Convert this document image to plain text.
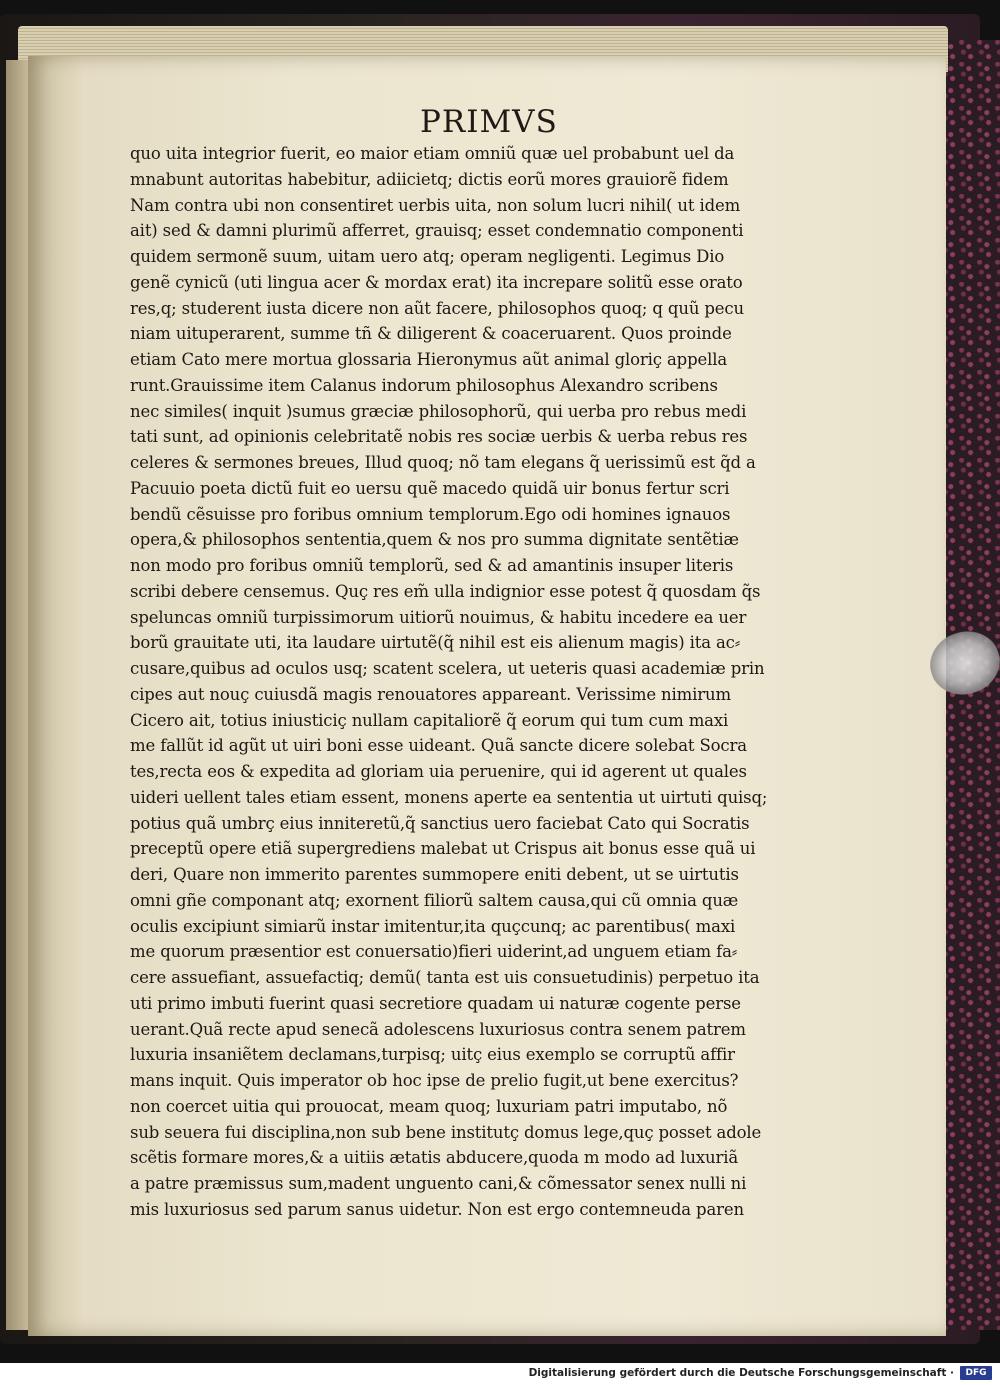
PRIMVS

quo uita integrior fuerit, eo maior etiam omniũ quæ uel probabunt uel da

mnabunt autoritas habebitur, adiicietq; dictis eorũ mores grauiorẽ fidem

Nam contra ubi non consentiret uerbis uita, non solum lucri nihil( ut idem

ait) sed & damni plurimũ afferret, grauisq; esset condemnatio componenti

quidem sermonẽ suum, uitam uero atq; operam negligenti. Legimus Dio

genẽ cynicũ (uti lingua acer & mordax erat) ita increpare solitũ esse orato

res,q; studerent iusta dicere non aũt facere, philosophos quoq; q quũ pecu

niam uituperarent, summe tñ & diligerent & coaceruarent. Quos proinde

etiam Cato mere mortua glossaria Hieronymus aũt animal gloriç appella

runt.Grauissime item Calanus indorum philosophus Alexandro scribens

nec similes( inquit )sumus græciæ philosophorũ, qui uerba pro rebus medi

tati sunt, ad opinionis celebritatẽ nobis res sociæ uerbis & uerba rebus res

celeres & sermones breues, Illud quoq; nõ tam elegans q̃ uerissimũ est q̃d a

Pacuuio poeta dictũ fuit eo uersu quẽ macedo quidã uir bonus fertur scri

bendũ cẽsuisse pro foribus omnium templorum.Ego odi homines ignauos

opera,& philosophos sententia,quem & nos pro summa dignitate sentẽtiæ

non modo pro foribus omniũ templorũ, sed & ad amantinis insuper literis

scribi debere censemus. Quç res em̃ ulla indignior esse potest q̃ quosdam q̃s

speluncas omniũ turpissimorum uitiorũ nouimus, & habitu incedere ea uer

borũ grauitate uti, ita laudare uirtutẽ(q̃ nihil est eis alienum magis) ita ac⸗

cusare,quibus ad oculos usq; scatent scelera, ut ueteris quasi academiæ prin

cipes aut nouç cuiusdã magis renouatores appareant. Verissime nimirum

Cicero ait, totius iniusticiç nullam capitaliorẽ q̃ eorum qui tum cum maxi

me fallũt id agũt ut uiri boni esse uideant. Quã sancte dicere solebat Socra

tes,recta eos & expedita ad gloriam uia peruenire, qui id agerent ut quales

uideri uellent tales etiam essent, monens aperte ea sententia ut uirtuti quisq;

potius quã umbrç eius inniteretũ,q̃ sanctius uero faciebat Cato qui Socratis

preceptũ opere etiã supergrediens malebat ut Crispus ait bonus esse quã ui

deri, Quare non immerito parentes summopere eniti debent, ut se uirtutis

omni gñe componant atq; exornent filiorũ saltem causa,qui cũ omnia quæ

oculis excipiunt simiarũ instar imitentur,ita quçcunq; ac parentibus( maxi

me quorum præsentior est conuersatio)fieri uiderint,ad unguem etiam fa⸗

cere assuefiant, assuefactiq; demũ( tanta est uis consuetudinis) perpetuo ita

uti primo imbuti fuerint quasi secretiore quadam ui naturæ cogente perse

uerant.Quã recte apud senecã adolescens luxuriosus contra senem patrem

luxuria insaniẽtem declamans,turpisq; uitç eius exemplo se corruptũ affir

mans inquit. Quis imperator ob hoc ipse de prelio fugit,ut bene exercitus?

non coercet uitia qui prouocat, meam quoq; luxuriam patri imputabo, nõ

sub seuera fui disciplina,non sub bene institutç domus lege,quç posset adole

scẽtis formare mores,& a uitiis ætatis abducere,quoda m modo ad luxuriã

a patre præmissus sum,madent unguento cani,& cõmessator senex nulli ni

mis luxuriosus sed parum sanus uidetur. Non est ergo contemneuda paren

Digitalisierung gefördert durch die Deutsche Forschungsgemeinschaft ·	DFG
